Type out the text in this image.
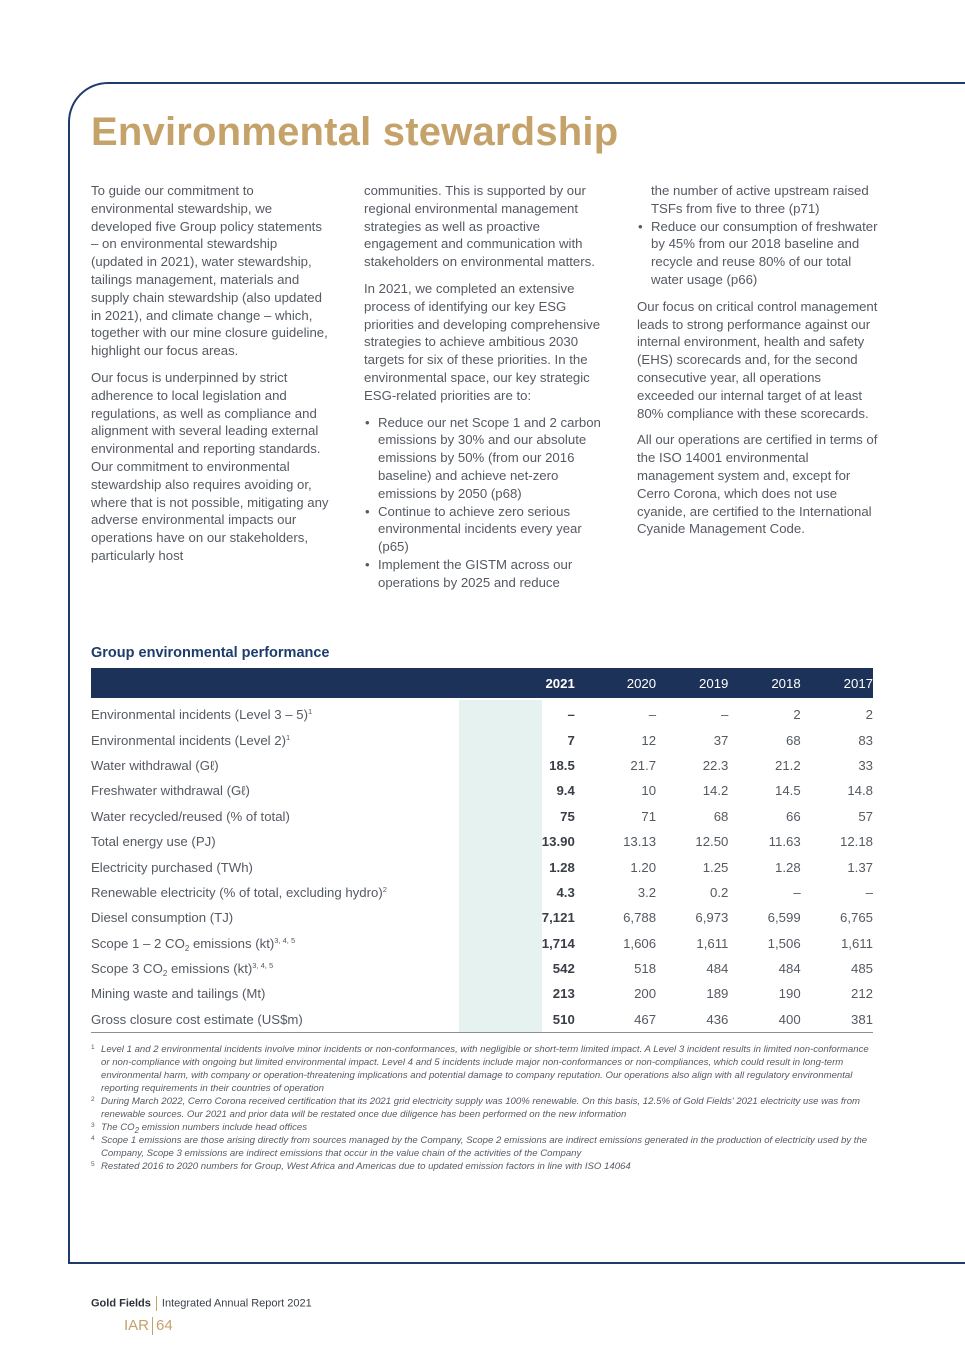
Environmental stewardship

To guide our commitment to environmental stewardship, we developed five Group policy statements – on environmental stewardship (updated in 2021), water stewardship, tailings management, materials and supply chain stewardship (also updated in 2021), and climate change – which, together with our mine closure guideline, highlight our focus areas.

Our focus is underpinned by strict adherence to local legislation and regulations, as well as compliance and alignment with several leading external environmental and reporting standards. Our commitment to environmental stewardship also requires avoiding or, where that is not possible, mitigating any adverse environmental impacts our operations have on our stakeholders, particularly host

communities. This is supported by our regional environmental management strategies as well as proactive engagement and communication with stakeholders on environmental matters.

In 2021, we completed an extensive process of identifying our key ESG priorities and developing comprehensive strategies to achieve ambitious 2030 targets for six of these priorities. In the environmental space, our key strategic ESG-related priorities are to:

• Reduce our net Scope 1 and 2 carbon emissions by 30% and our absolute emissions by 50% (from our 2016 baseline) and achieve net-zero emissions by 2050 (p68)
• Continue to achieve zero serious environmental incidents every year (p65)
• Implement the GISTM across our operations by 2025 and reduce

the number of active upstream raised TSFs from five to three (p71)

• Reduce our consumption of freshwater by 45% from our 2018 baseline and recycle and reuse 80% of our total water usage (p66)

Our focus on critical control management leads to strong performance against our internal environment, health and safety (EHS) scorecards and, for the second consecutive year, all operations exceeded our internal target of at least 80% compliance with these scorecards.

All our operations are certified in terms of the ISO 14001 environmental management system and, except for Cerro Corona, which does not use cyanide, are certified to the International Cyanide Management Code.

Group environmental performance
	2021	2020	2019	2018	2017
Environmental incidents (Level 3 – 5)$^1$	–	–	–	2	2
Environmental incidents (Level 2)$^1$	7	12	37	68	83
Water withdrawal (Gℓ)	18.5	21.7	22.3	21.2	33
Freshwater withdrawal (Gℓ)	9.4	10	14.2	14.5	14.8
Water recycled/reused (% of total)	75	71	68	66	57
Total energy use (PJ)	13.90	13.13	12.50	11.63	12.18
Electricity purchased (TWh)	1.28	1.20	1.25	1.28	1.37
Renewable electricity (% of total, excluding hydro)$^2$	4.3	3.2	0.2	–	–
Diesel consumption (TJ)	7,121	6,788	6,973	6,599	6,765
Scope 1 – 2 $CO_2$ emissions (kt)$^{3, 4, 5}$	1,714	1,606	1,611	1,506	1,611
Scope 3 $CO_2$ emissions (kt)$^{3, 4, 5}$	542	518	484	484	485
Mining waste and tailings (Mt)	213	200	189	190	212
Gross closure cost estimate (US$m)	510	467	436	400	381
1 Level 1 and 2 environmental incidents involve minor incidents or non-conformances, with negligible or short-term limited impact. A Level 3 incident results in limited non-conformance or non-compliance with ongoing but limited environmental impact. Level 4 and 5 incidents include major non-conformances or non-compliances, which could result in long-term environmental harm, with company or operation-threatening implications and potential damage to company reputation. Our operations also align with all regulatory environmental reporting requirements in their countries of operation
2 During March 2022, Cerro Corona received certification that its 2021 grid electricity supply was 100% renewable. On this basis, 12.5% of Gold Fields' 2021 electricity use was from renewable sources. Our 2021 and prior data will be restated once due diligence has been performed on the new information
3 The $CO_2$ emission numbers include head offices
4 Scope 1 emissions are those arising directly from sources managed by the Company, Scope 2 emissions are indirect emissions generated in the production of electricity used by the Company, Scope 3 emissions are indirect emissions that occur in the value chain of the activities of the Company
5 Restated 2016 to 2020 numbers for Group, West Africa and Americas due to updated emission factors in line with ISO 14064
Gold Fields Integrated Annual Report 2021
IAR 64
